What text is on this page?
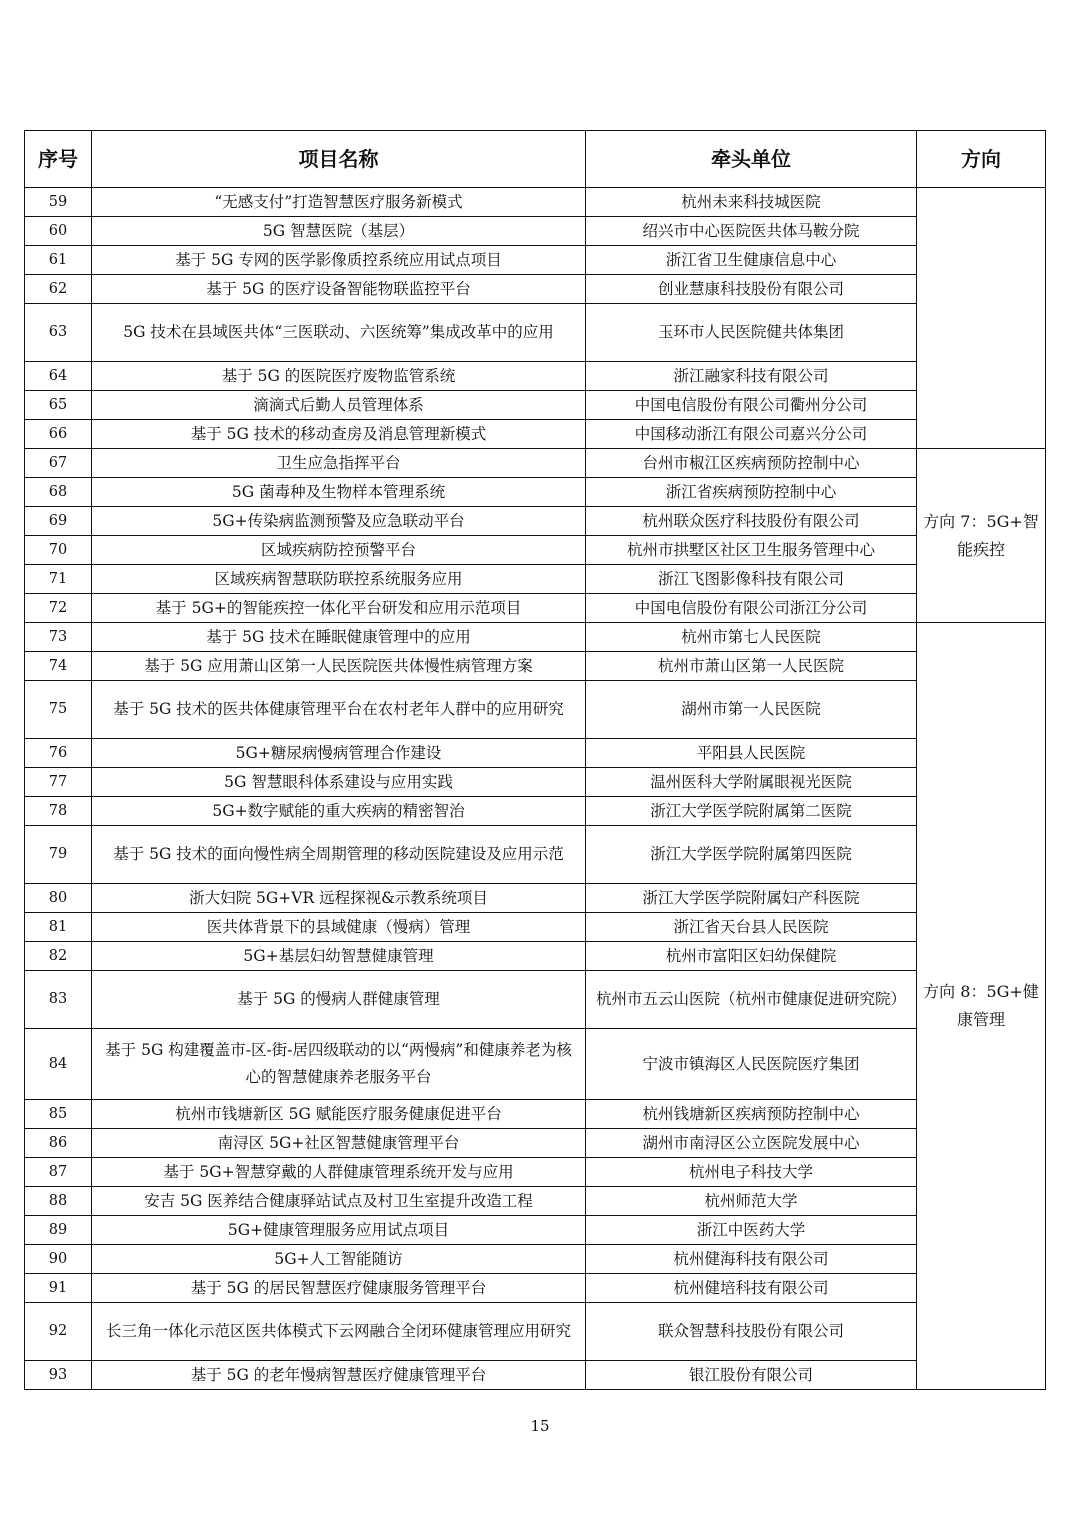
序号	项目名称	牵头单位	方向
59	“无感支付”打造智慧医疗服务新模式	杭州未来科技城医院	
60	5G 智慧医院（基层）	绍兴市中心医院医共体马鞍分院	
61	基于 5G 专网的医学影像质控系统应用试点项目	浙江省卫生健康信息中心	
62	基于 5G 的医疗设备智能物联监控平台	创业慧康科技股份有限公司	
63	5G 技术在县域医共体“三医联动、六医统筹”集成改革中的应用	玉环市人民医院健共体集团	
64	基于 5G 的医院医疗废物监管系统	浙江融家科技有限公司	
65	滴滴式后勤人员管理体系	中国电信股份有限公司衢州分公司	
66	基于 5G 技术的移动查房及消息管理新模式	中国移动浙江有限公司嘉兴分公司	
67	卫生应急指挥平台	台州市椒江区疾病预防控制中心	方向 7：5G+智能疾控
68	5G 菌毒种及生物样本管理系统	浙江省疾病预防控制中心	
69	5G+传染病监测预警及应急联动平台	杭州联众医疗科技股份有限公司	
70	区域疾病防控预警平台	杭州市拱墅区社区卫生服务管理中心	
71	区域疾病智慧联防联控系统服务应用	浙江飞图影像科技有限公司	
72	基于 5G+的智能疾控一体化平台研发和应用示范项目	中国电信股份有限公司浙江分公司	
73	基于 5G 技术在睡眠健康管理中的应用	杭州市第七人民医院	方向 8：5G+健康管理
74	基于 5G 应用萧山区第一人民医院医共体慢性病管理方案	杭州市萧山区第一人民医院	
75	基于 5G 技术的医共体健康管理平台在农村老年人群中的应用研究	湖州市第一人民医院	
76	5G+糖尿病慢病管理合作建设	平阳县人民医院	
77	5G 智慧眼科体系建设与应用实践	温州医科大学附属眼视光医院	
78	5G+数字赋能的重大疾病的精密智治	浙江大学医学院附属第二医院	
79	基于 5G 技术的面向慢性病全周期管理的移动医院建设及应用示范	浙江大学医学院附属第四医院	
80	浙大妇院 5G+VR 远程探视&示教系统项目	浙江大学医学院附属妇产科医院	
81	医共体背景下的县域健康（慢病）管理	浙江省天台县人民医院	
82	5G+基层妇幼智慧健康管理	杭州市富阳区妇幼保健院	
83	基于 5G 的慢病人群健康管理	杭州市五云山医院（杭州市健康促进研究院）	
84	基于 5G 构建覆盖市-区-街-居四级联动的以“两慢病”和健康养老为核心的智慧健康养老服务平台	宁波市镇海区人民医院医疗集团	
85	杭州市钱塘新区 5G 赋能医疗服务健康促进平台	杭州钱塘新区疾病预防控制中心	
86	南浔区 5G+社区智慧健康管理平台	湖州市南浔区公立医院发展中心	
87	基于 5G+智慧穿戴的人群健康管理系统开发与应用	杭州电子科技大学	
88	安吉 5G 医养结合健康驿站试点及村卫生室提升改造工程	杭州师范大学	
89	5G+健康管理服务应用试点项目	浙江中医药大学	
90	5G+人工智能随访	杭州健海科技有限公司	
91	基于 5G 的居民智慧医疗健康服务管理平台	杭州健培科技有限公司	
92	长三角一体化示范区医共体模式下云网融合全闭环健康管理应用研究	联众智慧科技股份有限公司	
93	基于 5G 的老年慢病智慧医疗健康管理平台	银江股份有限公司	
15
